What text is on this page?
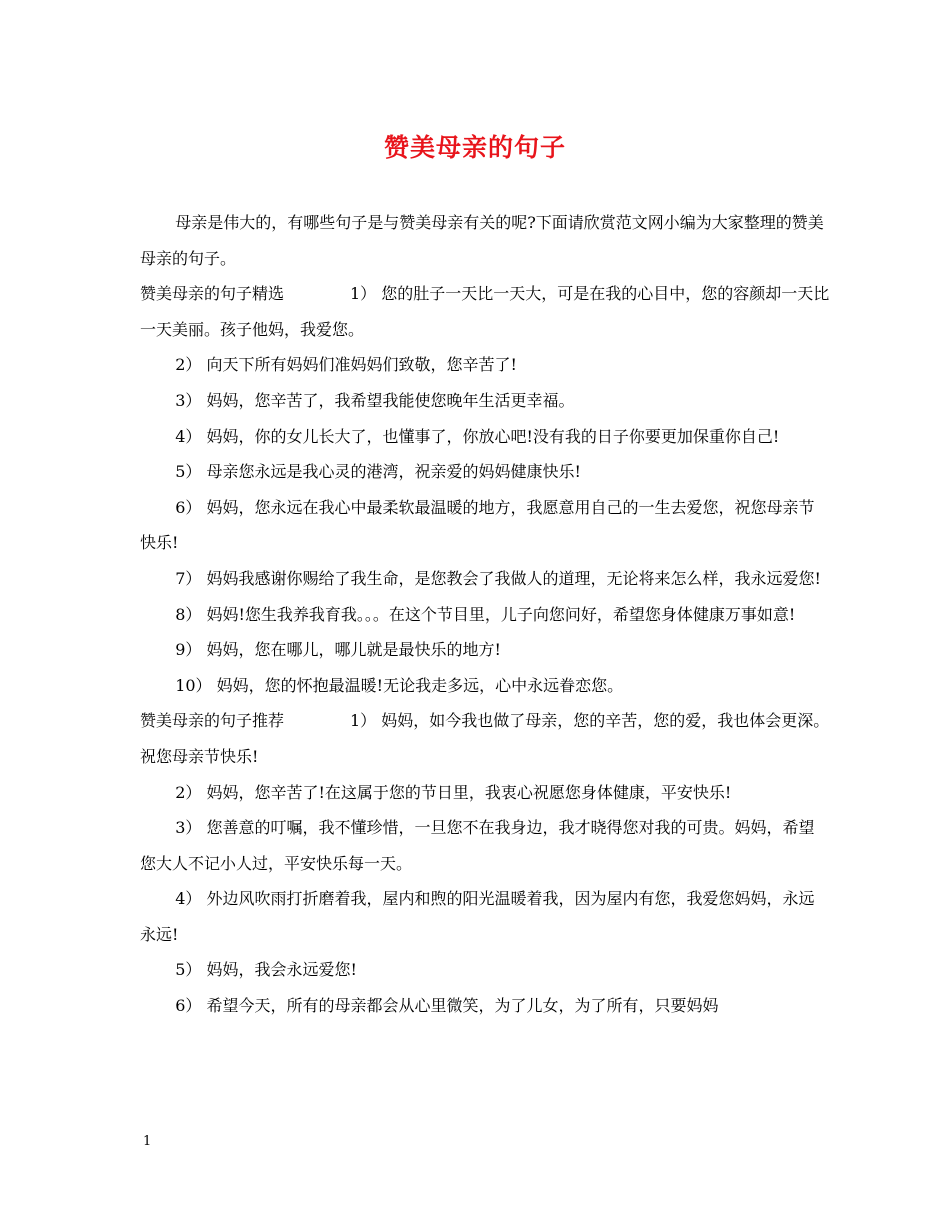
赞美母亲的句子

母亲是伟大的，有哪些句子是与赞美母亲有关的呢?下面请欣赏范文网小编为大家整理的赞美母亲的句子。

赞美母亲的句子精选	1） 您的肚子一天比一天大，可是在我的心目中，您的容颜却一天比一天美丽。孩子他妈，我爱您。

2） 向天下所有妈妈们准妈妈们致敬，您辛苦了!

3） 妈妈，您辛苦了，我希望我能使您晚年生活更幸福。

4） 妈妈，你的女儿长大了，也懂事了，你放心吧!没有我的日子你要更加保重你自己!

5） 母亲您永远是我心灵的港湾，祝亲爱的妈妈健康快乐!

6） 妈妈，您永远在我心中最柔软最温暖的地方，我愿意用自己的一生去爱您，祝您母亲节快乐!

7） 妈妈我感谢你赐给了我生命，是您教会了我做人的道理，无论将来怎么样，我永远爱您!

8） 妈妈!您生我养我育我。。。在这个节目里，儿子向您问好，希望您身体健康万事如意!

9） 妈妈，您在哪儿，哪儿就是最快乐的地方!

10） 妈妈，您的怀抱最温暖!无论我走多远，心中永远眷恋您。

赞美母亲的句子推荐	1） 妈妈，如今我也做了母亲，您的辛苦，您的爱，我也体会更深。祝您母亲节快乐!

2） 妈妈，您辛苦了!在这属于您的节日里，我衷心祝愿您身体健康，平安快乐!

3） 您善意的叮嘱，我不懂珍惜，一旦您不在我身边，我才晓得您对我的可贵。妈妈，希望您大人不记小人过，平安快乐每一天。

4） 外边风吹雨打折磨着我，屋内和煦的阳光温暖着我，因为屋内有您，我爱您妈妈，永远永远!

5） 妈妈，我会永远爱您!

6） 希望今天，所有的母亲都会从心里微笑，为了儿女，为了所有，只要妈妈

1
